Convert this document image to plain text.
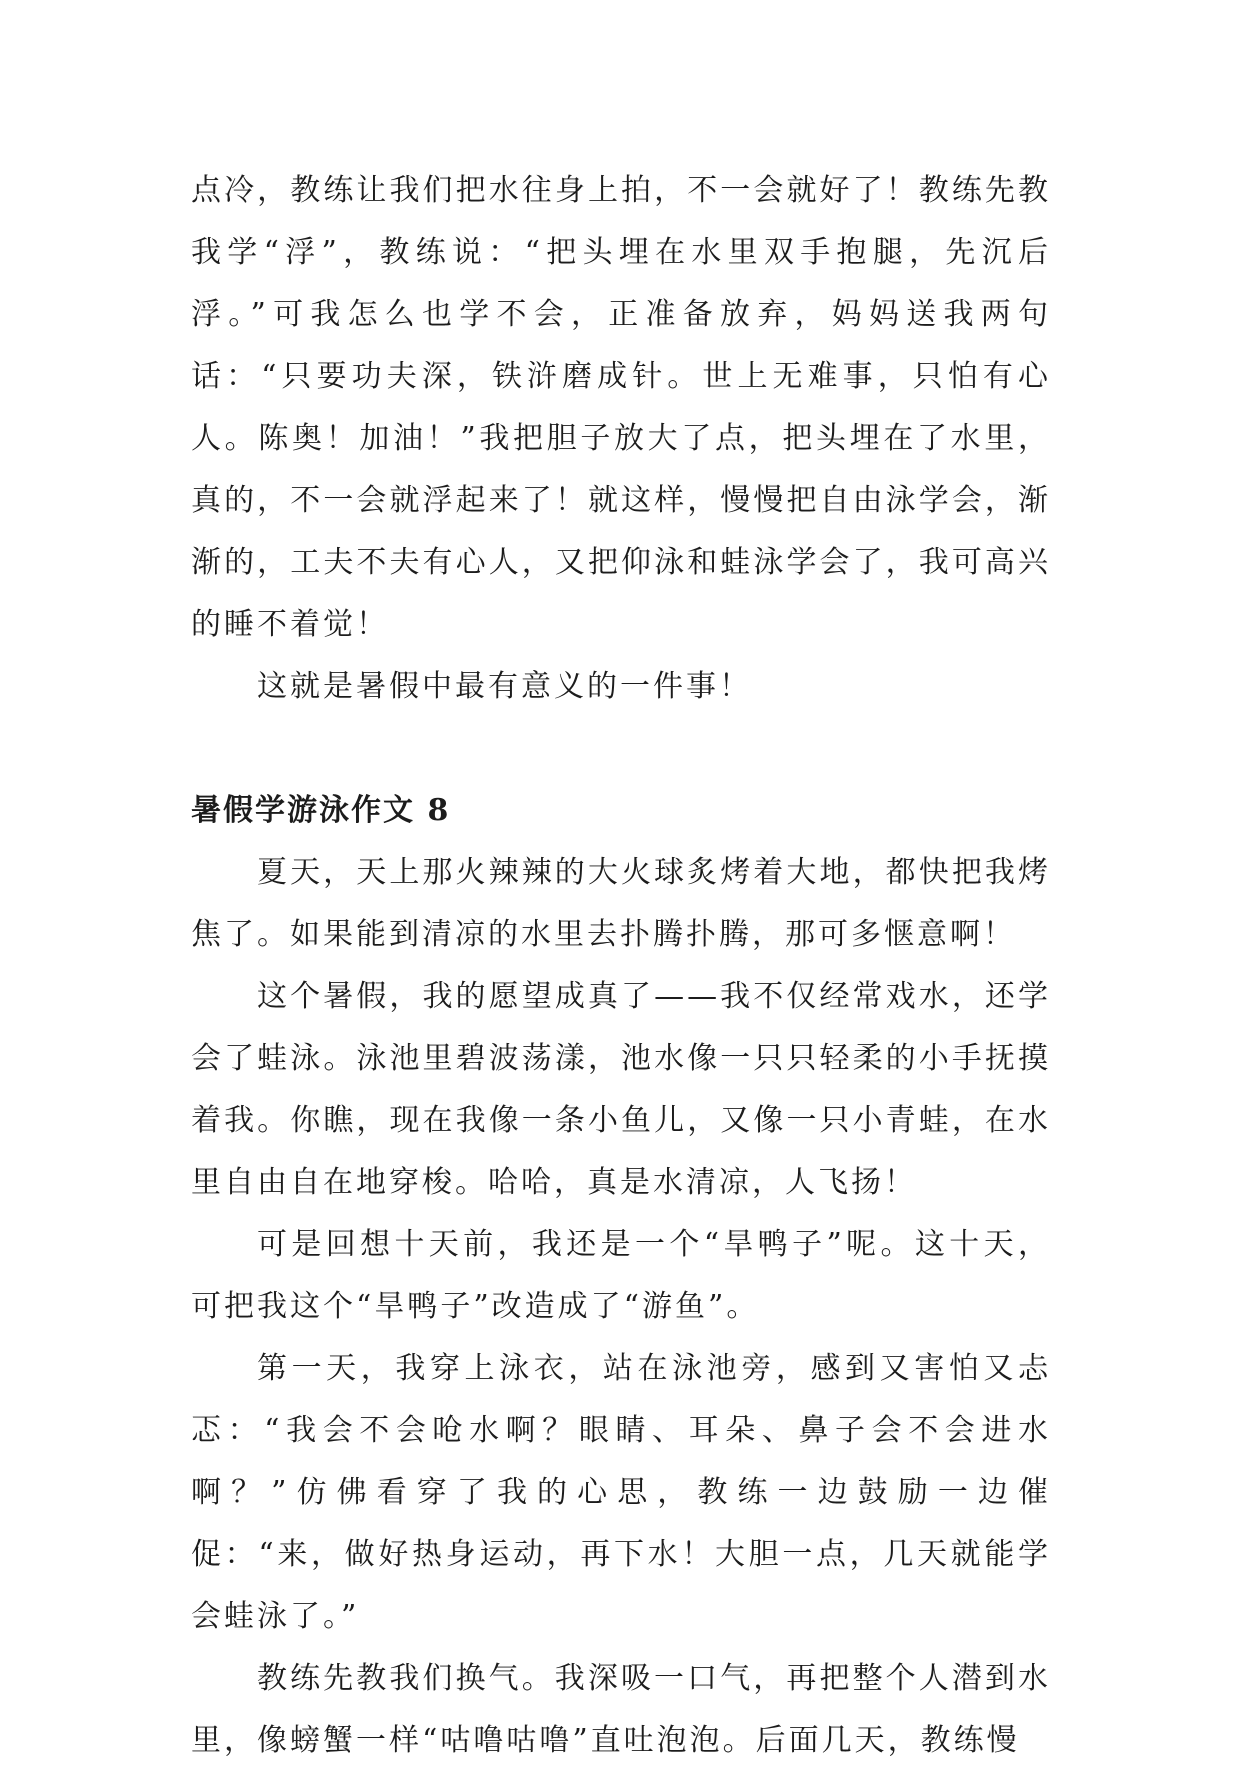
点冷，教练让我们把水往身上拍，不一会就好了！教练先教我学“浮”，教练说：“把头埋在水里双手抱腿，先沉后浮。”可我怎么也学不会，正准备放弃，妈妈送我两句话：“只要功夫深，铁浒磨成针。世上无难事，只怕有心人。陈奥！加油！”我把胆子放大了点，把头埋在了水里，真的，不一会就浮起来了！就这样，慢慢把自由泳学会，渐渐的，工夫不夫有心人，又把仰泳和蛙泳学会了，我可高兴的睡不着觉！

这就是暑假中最有意义的一件事！

暑假学游泳作文 8

夏天，天上那火辣辣的大火球炙烤着大地，都快把我烤焦了。如果能到清凉的水里去扑腾扑腾，那可多惬意啊！

这个暑假，我的愿望成真了——我不仅经常戏水，还学会了蛙泳。泳池里碧波荡漾，池水像一只只轻柔的小手抚摸着我。你瞧，现在我像一条小鱼儿，又像一只小青蛙，在水里自由自在地穿梭。哈哈，真是水清凉，人飞扬！

可是回想十天前，我还是一个“旱鸭子”呢。这十天，可把我这个“旱鸭子”改造成了“游鱼”。

第一天，我穿上泳衣，站在泳池旁，感到又害怕又忐忑：“我会不会呛水啊？眼睛、耳朵、鼻子会不会进水啊？”仿佛看穿了我的心思，教练一边鼓励一边催促：“来，做好热身运动，再下水！大胆一点，几天就能学会蛙泳了。”

教练先教我们换气。我深吸一口气，再把整个人潜到水里，像螃蟹一样“咕噜咕噜”直吐泡泡。后面几天，教练慢
